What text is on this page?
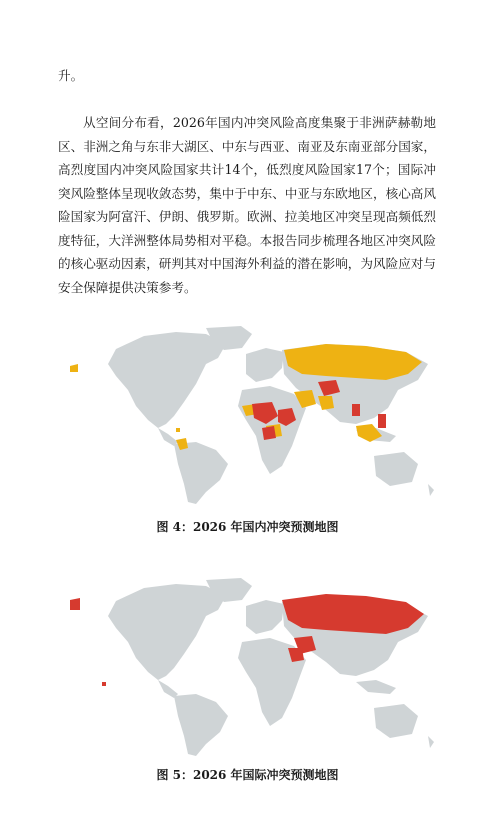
升。

从空间分布看，2026年国内冲突风险高度集聚于非洲萨赫勒地区、非洲之角与东非大湖区、中东与西亚、南亚及东南亚部分国家，高烈度国内冲突风险国家共计14个，低烈度风险国家17个；国际冲突风险整体呈现收敛态势，集中于中东、中亚与东欧地区，核心高风险国家为阿富汗、伊朗、俄罗斯。欧洲、拉美地区冲突呈现高频低烈度特征，大洋洲整体局势相对平稳。本报告同步梳理各地区冲突风险的核心驱动因素，研判其对中国海外利益的潜在影响，为风险应对与安全保障提供决策参考。

图 4：2026 年国内冲突预测地图
图 5：2026 年国际冲突预测地图
